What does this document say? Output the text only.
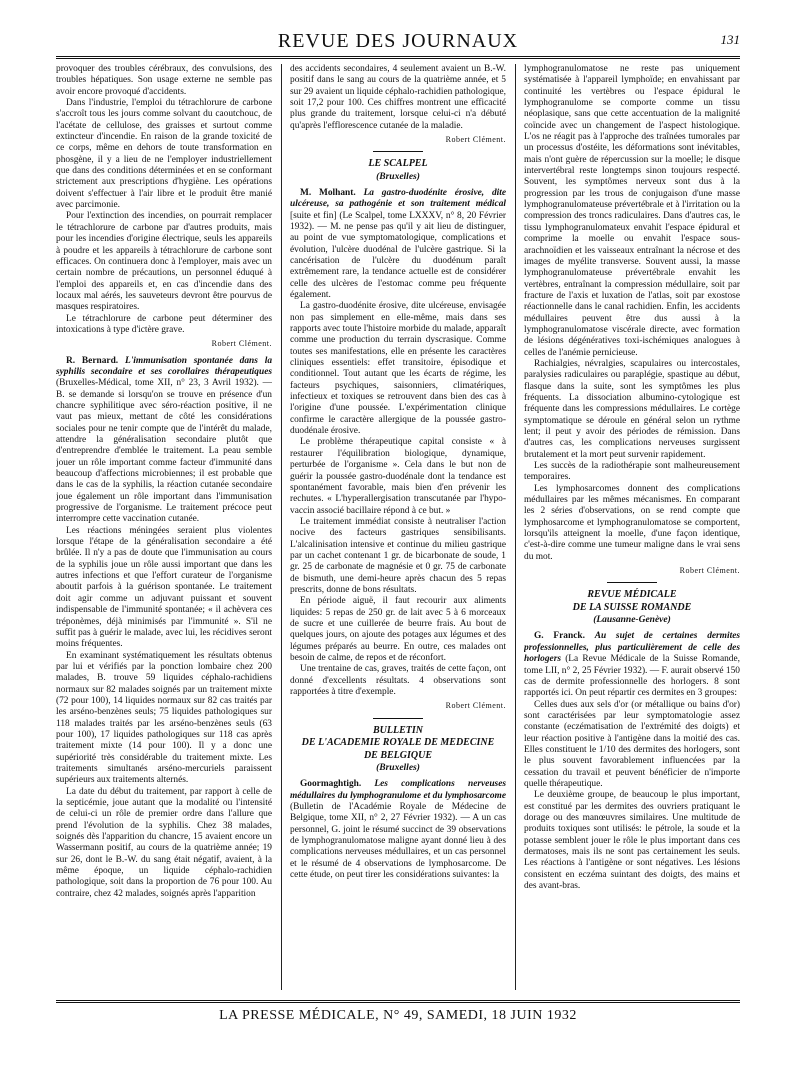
REVUE DES JOURNAUX	131

provoquer des troubles cérébraux, des convulsions, des troubles hépatiques. Son usage externe ne semble pas avoir encore provoqué d'accidents.

Dans l'industrie, l'emploi du tétrachlorure de carbone s'accroît tous les jours comme solvant du caoutchouc, de l'acétate de cellulose, des graisses et surtout comme extincteur d'incendie. En raison de la grande toxicité de ce corps, même en dehors de toute transformation en phosgène, il y a lieu de ne l'employer industriellement que dans des conditions déterminées et en se conformant strictement aux prescriptions d'hygiène. Les opérations doivent s'effectuer à l'air libre et le produit être manié avec parcimonie.

Pour l'extinction des incendies, on pourrait remplacer le tétrachlorure de carbone par d'autres produits, mais pour les incendies d'origine électrique, seuls les appareils à poudre et les appareils à tétrachlorure de carbone sont efficaces. On continuera donc à l'employer, mais avec un certain nombre de précautions, un personnel éduqué à l'emploi des appareils et, en cas d'incendie dans des locaux mal aérés, les sauveteurs devront être pourvus de masques respiratoires.

Le tétrachlorure de carbone peut déterminer des intoxications à type d'ictère grave.

Robert Clément.

R. Bernard. L'immunisation spontanée dans la syphilis secondaire et ses corollaires thérapeutiques (Bruxelles-Médical, tome XII, n° 23, 3 Avril 1932). — B. se demande si lorsqu'on se trouve en présence d'un chancre syphilitique avec séro-réaction positive, il ne vaut pas mieux, mettant de côté les considérations sociales pour ne tenir compte que de l'intérêt du malade, attendre la généralisation secondaire plutôt que d'entreprendre d'emblée le traitement. La peau semble jouer un rôle important comme facteur d'immunité dans beaucoup d'affections microbiennes; il est probable que dans le cas de la syphilis, la réaction cutanée secondaire joue également un rôle important dans l'immunisation progressive de l'organisme. Le traitement précoce peut interrompre cette vaccination cutanée.

Les réactions méningées seraient plus violentes lorsque l'étape de la généralisation secondaire a été brûlée. Il n'y a pas de doute que l'immunisation au cours de la syphilis joue un rôle aussi important que dans les autres infections et que l'effort curateur de l'organisme aboutit parfois à la guérison spontanée. Le traitement doit agir comme un adjuvant puissant et souvent indispensable de l'immunité spontanée; « il achèvera ces tréponèmes, déjà minimisés par l'immunité ». S'il ne suffit pas à guérir le malade, avec lui, les récidives seront moins fréquentes.

En examinant systématiquement les résultats obtenus par lui et vérifiés par la ponction lombaire chez 200 malades, B. trouve 59 liquides céphalo-rachidiens normaux sur 82 malades soignés par un traitement mixte (72 pour 100), 14 liquides normaux sur 82 cas traités par les arséno-benzènes seuls; 75 liquides pathologiques sur 118 malades traités par les arséno-benzènes seuls (63 pour 100), 17 liquides pathologiques sur 118 cas après traitement mixte (14 pour 100). Il y a donc une supériorité très considérable du traitement mixte. Les traitements simultanés arséno-mercuriels paraissent supérieurs aux traitements alternés.

La date du début du traitement, par rapport à celle de la septicémie, joue autant que la modalité ou l'intensité de celui-ci un rôle de premier ordre dans l'allure que prend l'évolution de la syphilis. Chez 38 malades, soignés dès l'apparition du chancre, 15 avaient encore un Wassermann positif, au cours de la quatrième année; 19 sur 26, dont le B.-W. du sang était négatif, avaient, à la même époque, un liquide céphalo-rachidien pathologique, soit dans la proportion de 76 pour 100. Au contraire, chez 42 malades, soignés après l'apparition

des accidents secondaires, 4 seulement avaient un B.-W. positif dans le sang au cours de la quatrième année, et 5 sur 29 avaient un liquide céphalo-rachidien pathologique, soit 17,2 pour 100. Ces chiffres montrent une efficacité plus grande du traitement, lorsque celui-ci n'a débuté qu'après l'efflorescence cutanée de la maladie.

Robert Clément.

LE SCALPEL

(Bruxelles)

M. Molhant. La gastro-duodénite érosive, dite ulcéreuse, sa pathogénie et son traitement médical [suite et fin] (Le Scalpel, tome LXXXV, n° 8, 20 Février 1932). — M. ne pense pas qu'il y ait lieu de distinguer, au point de vue symptomatologique, complications et évolution, l'ulcère duodénal de l'ulcère gastrique. Si la cancérisation de l'ulcère du duodénum paraît extrêmement rare, la tendance actuelle est de considérer celle des ulcères de l'estomac comme peu fréquente également.

La gastro-duodénite érosive, dite ulcéreuse, envisagée non pas simplement en elle-même, mais dans ses rapports avec toute l'histoire morbide du malade, apparaît comme une production du terrain dyscrasique. Comme toutes ses manifestations, elle en présente les caractères cliniques essentiels: effet transitoire, épisodique et conditionnel. Tout autant que les écarts de régime, les facteurs psychiques, saisonniers, climatériques, infectieux et toxiques se retrouvent dans bien des cas à l'origine d'une poussée. L'expérimentation clinique confirme le caractère allergique de la poussée gastro-duodénale érosive.

Le problème thérapeutique capital consiste « à restaurer l'équilibration biologique, dynamique, perturbée de l'organisme ». Cela dans le but non de guérir la poussée gastro-duodénale dont la tendance est spontanément favorable, mais bien d'en prévenir les rechutes. « L'hyperallergisation transcutanée par l'hypo-vaccin associé bacillaire répond à ce but. »

Le traitement immédiat consiste à neutraliser l'action nocive des facteurs gastriques sensibilisants. L'alcalinisation intensive et continue du milieu gastrique par un cachet contenant 1 gr. de bicarbonate de soude, 1 gr. 25 de carbonate de magnésie et 0 gr. 75 de carbonate de bismuth, une demi-heure après chacun des 5 repas prescrits, donne de bons résultats.

En période aiguë, il faut recourir aux aliments liquides: 5 repas de 250 gr. de lait avec 5 à 6 morceaux de sucre et une cuillerée de beurre frais. Au bout de quelques jours, on ajoute des potages aux légumes et des légumes préparés au beurre. En outre, ces malades ont besoin de calme, de repos et de réconfort.

Une trentaine de cas, graves, traités de cette façon, ont donné d'excellents résultats. 4 observations sont rapportées à titre d'exemple.

Robert Clément.

BULLETIN

DE L'ACADEMIE ROYALE DE MEDECINE

DE BELGIQUE

(Bruxelles)

Goormaghtigh. Les complications nerveuses médullaires du lymphogranulome et du lymphosarcome (Bulletin de l'Académie Royale de Médecine de Belgique, tome XII, n° 2, 27 Février 1932). — A un cas personnel, G. joint le résumé succinct de 39 observations de lymphogranulomatose maligne ayant donné lieu à des complications nerveuses médullaires, et un cas personnel et le résumé de 4 observations de lymphosarcome. De cette étude, on peut tirer les considérations suivantes: la

lymphogranulomatose ne reste pas uniquement systématisée à l'appareil lymphoïde; en envahissant par continuité les vertèbres ou l'espace épidural le lymphogranulome se comporte comme un tissu néoplasique, sans que cette accentuation de la malignité coïncide avec un changement de l'aspect histologique. L'os ne réagit pas à l'approche des traînées tumorales par un processus d'ostéite, les déformations sont inévitables, mais n'ont guère de répercussion sur la moelle; le disque intervertébral reste longtemps sinon toujours respecté. Souvent, les symptômes nerveux sont dus à la progression par les trous de conjugaison d'une masse lymphogranulomateuse prévertébrale et à l'irritation ou la compression des troncs radiculaires. Dans d'autres cas, le tissu lymphogranulomateux envahit l'espace épidural et comprime la moelle ou envahit l'espace sous-arachnoïdien et les vaisseaux entraînant la nécrose et des images de myélite transverse. Souvent aussi, la masse lymphogranulomateuse prévertébrale envahit les vertèbres, entraînant la compression médullaire, soit par fracture de l'axis et luxation de l'atlas, soit par exostose réactionnelle dans le canal rachidien. Enfin, les accidents médullaires peuvent être dus aussi à la lymphogranulomatose viscérale directe, avec formation de lésions dégénératives toxi-ischémiques analogues à celles de l'anémie pernicieuse.

Rachialgies, névralgies, scapulaires ou intercostales, paralysies radiculaires ou paraplégie, spastique au début, flasque dans la suite, sont les symptômes les plus fréquents. La dissociation albumino-cytologique est fréquente dans les compressions médullaires. Le cortège symptomatique se déroule en général selon un rythme lent; il peut y avoir des périodes de rémission. Dans d'autres cas, les complications nerveuses surgissent brutalement et la mort peut survenir rapidement.

Les succès de la radiothérapie sont malheureusement temporaires.

Les lymphosarcomes donnent des complications médullaires par les mêmes mécanismes. En comparant les 2 séries d'observations, on se rend compte que lymphosarcome et lymphogranulomatose se comportent, lorsqu'ils atteignent la moelle, d'une façon identique, c'est-à-dire comme une tumeur maligne dans le vrai sens du mot.

Robert Clément.

REVUE MÉDICALE

DE LA SUISSE ROMANDE

(Lausanne-Genève)

G. Franck. Au sujet de certaines dermites professionnelles, plus particulièrement de celle des horlogers (La Revue Médicale de la Suisse Romande, tome LII, n° 2, 25 Février 1932). — F. aurait observé 150 cas de dermite professionnelle des horlogers. 8 sont rapportés ici. On peut répartir ces dermites en 3 groupes:

Celles dues aux sels d'or (or métallique ou bains d'or) sont caractérisées par leur symptomatologie assez constante (eczématisation de l'extrémité des doigts) et leur réaction positive à l'antigène dans la moitié des cas. Elles constituent le 1/10 des dermites des horlogers, sont le plus souvent favorablement influencées par la cessation du travail et peuvent bénéficier de n'importe quelle thérapeutique.

Le deuxième groupe, de beaucoup le plus important, est constitué par les dermites des ouvriers pratiquant le dorage ou des manœuvres similaires. Une multitude de produits toxiques sont utilisés: le pétrole, la soude et la potasse semblent jouer le rôle le plus important dans ces dermatoses, mais ils ne sont pas certainement les seuls. Les réactions à l'antigène or sont négatives. Les lésions consistent en eczéma suintant des doigts, des mains et des avant-bras.

LA PRESSE MÉDICALE, N° 49, SAMEDI, 18 JUIN 1932
